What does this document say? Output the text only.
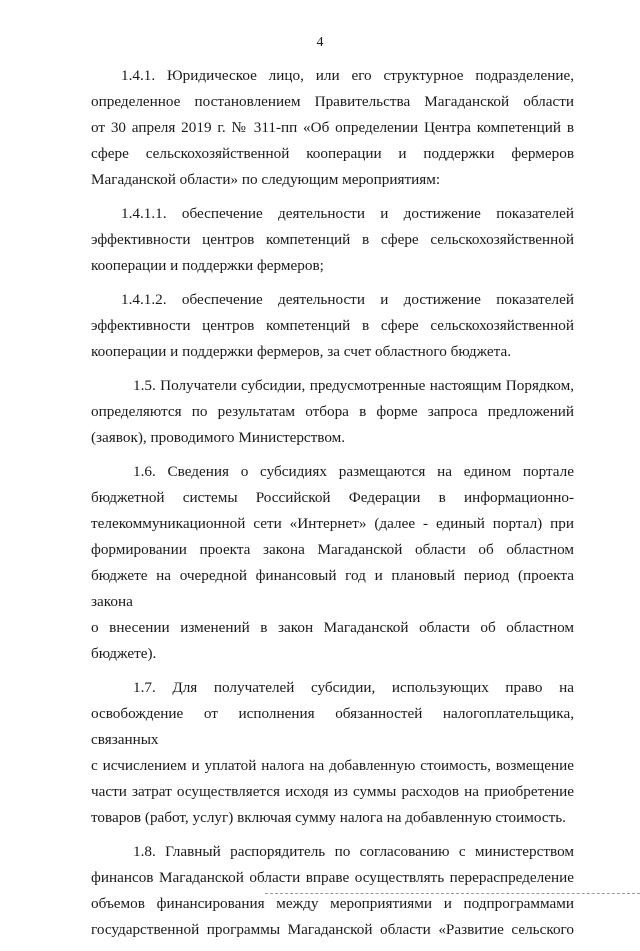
4

1.4.1. Юридическое лицо, или его структурное подразделение,
определенное постановлением Правительства Магаданской области
от 30 апреля 2019 г. № 311-пп «Об определении Центра компетенций в
сфере сельскохозяйственной кооперации и поддержки фермеров
Магаданской области» по следующим мероприятиям:

1.4.1.1. обеспечение деятельности и достижение показателей
эффективности центров компетенций в сфере сельскохозяйственной
кооперации и поддержки фермеров;

1.4.1.2. обеспечение деятельности и достижение показателей
эффективности центров компетенций в сфере сельскохозяйственной
кооперации и поддержки фермеров, за счет областного бюджета.

1.5. Получатели субсидии, предусмотренные настоящим Порядком,
определяются по результатам отбора в форме запроса предложений
(заявок), проводимого Министерством.

1.6. Сведения о субсидиях размещаются на едином портале
бюджетной системы Российской Федерации в информационно-
телекоммуникационной сети «Интернет» (далее - единый портал) при
формировании проекта закона Магаданской области об областном
бюджете на очередной финансовый год и плановый период (проекта закона
о внесении изменений в закон Магаданской области об областном
бюджете).

1.7. Для получателей субсидии, использующих право на
освобождение от исполнения обязанностей налогоплательщика, связанных
с исчислением и уплатой налога на добавленную стоимость, возмещение
части затрат осуществляется исходя из суммы расходов на приобретение
товаров (работ, услуг) включая сумму налога на добавленную стоимость.

1.8. Главный распорядитель по согласованию с министерством
финансов Магаданской области вправе осуществлять перераспределение
объемов финансирования между мероприятиями и подпрограммами
государственной программы Магаданской области «Развитие сельского
